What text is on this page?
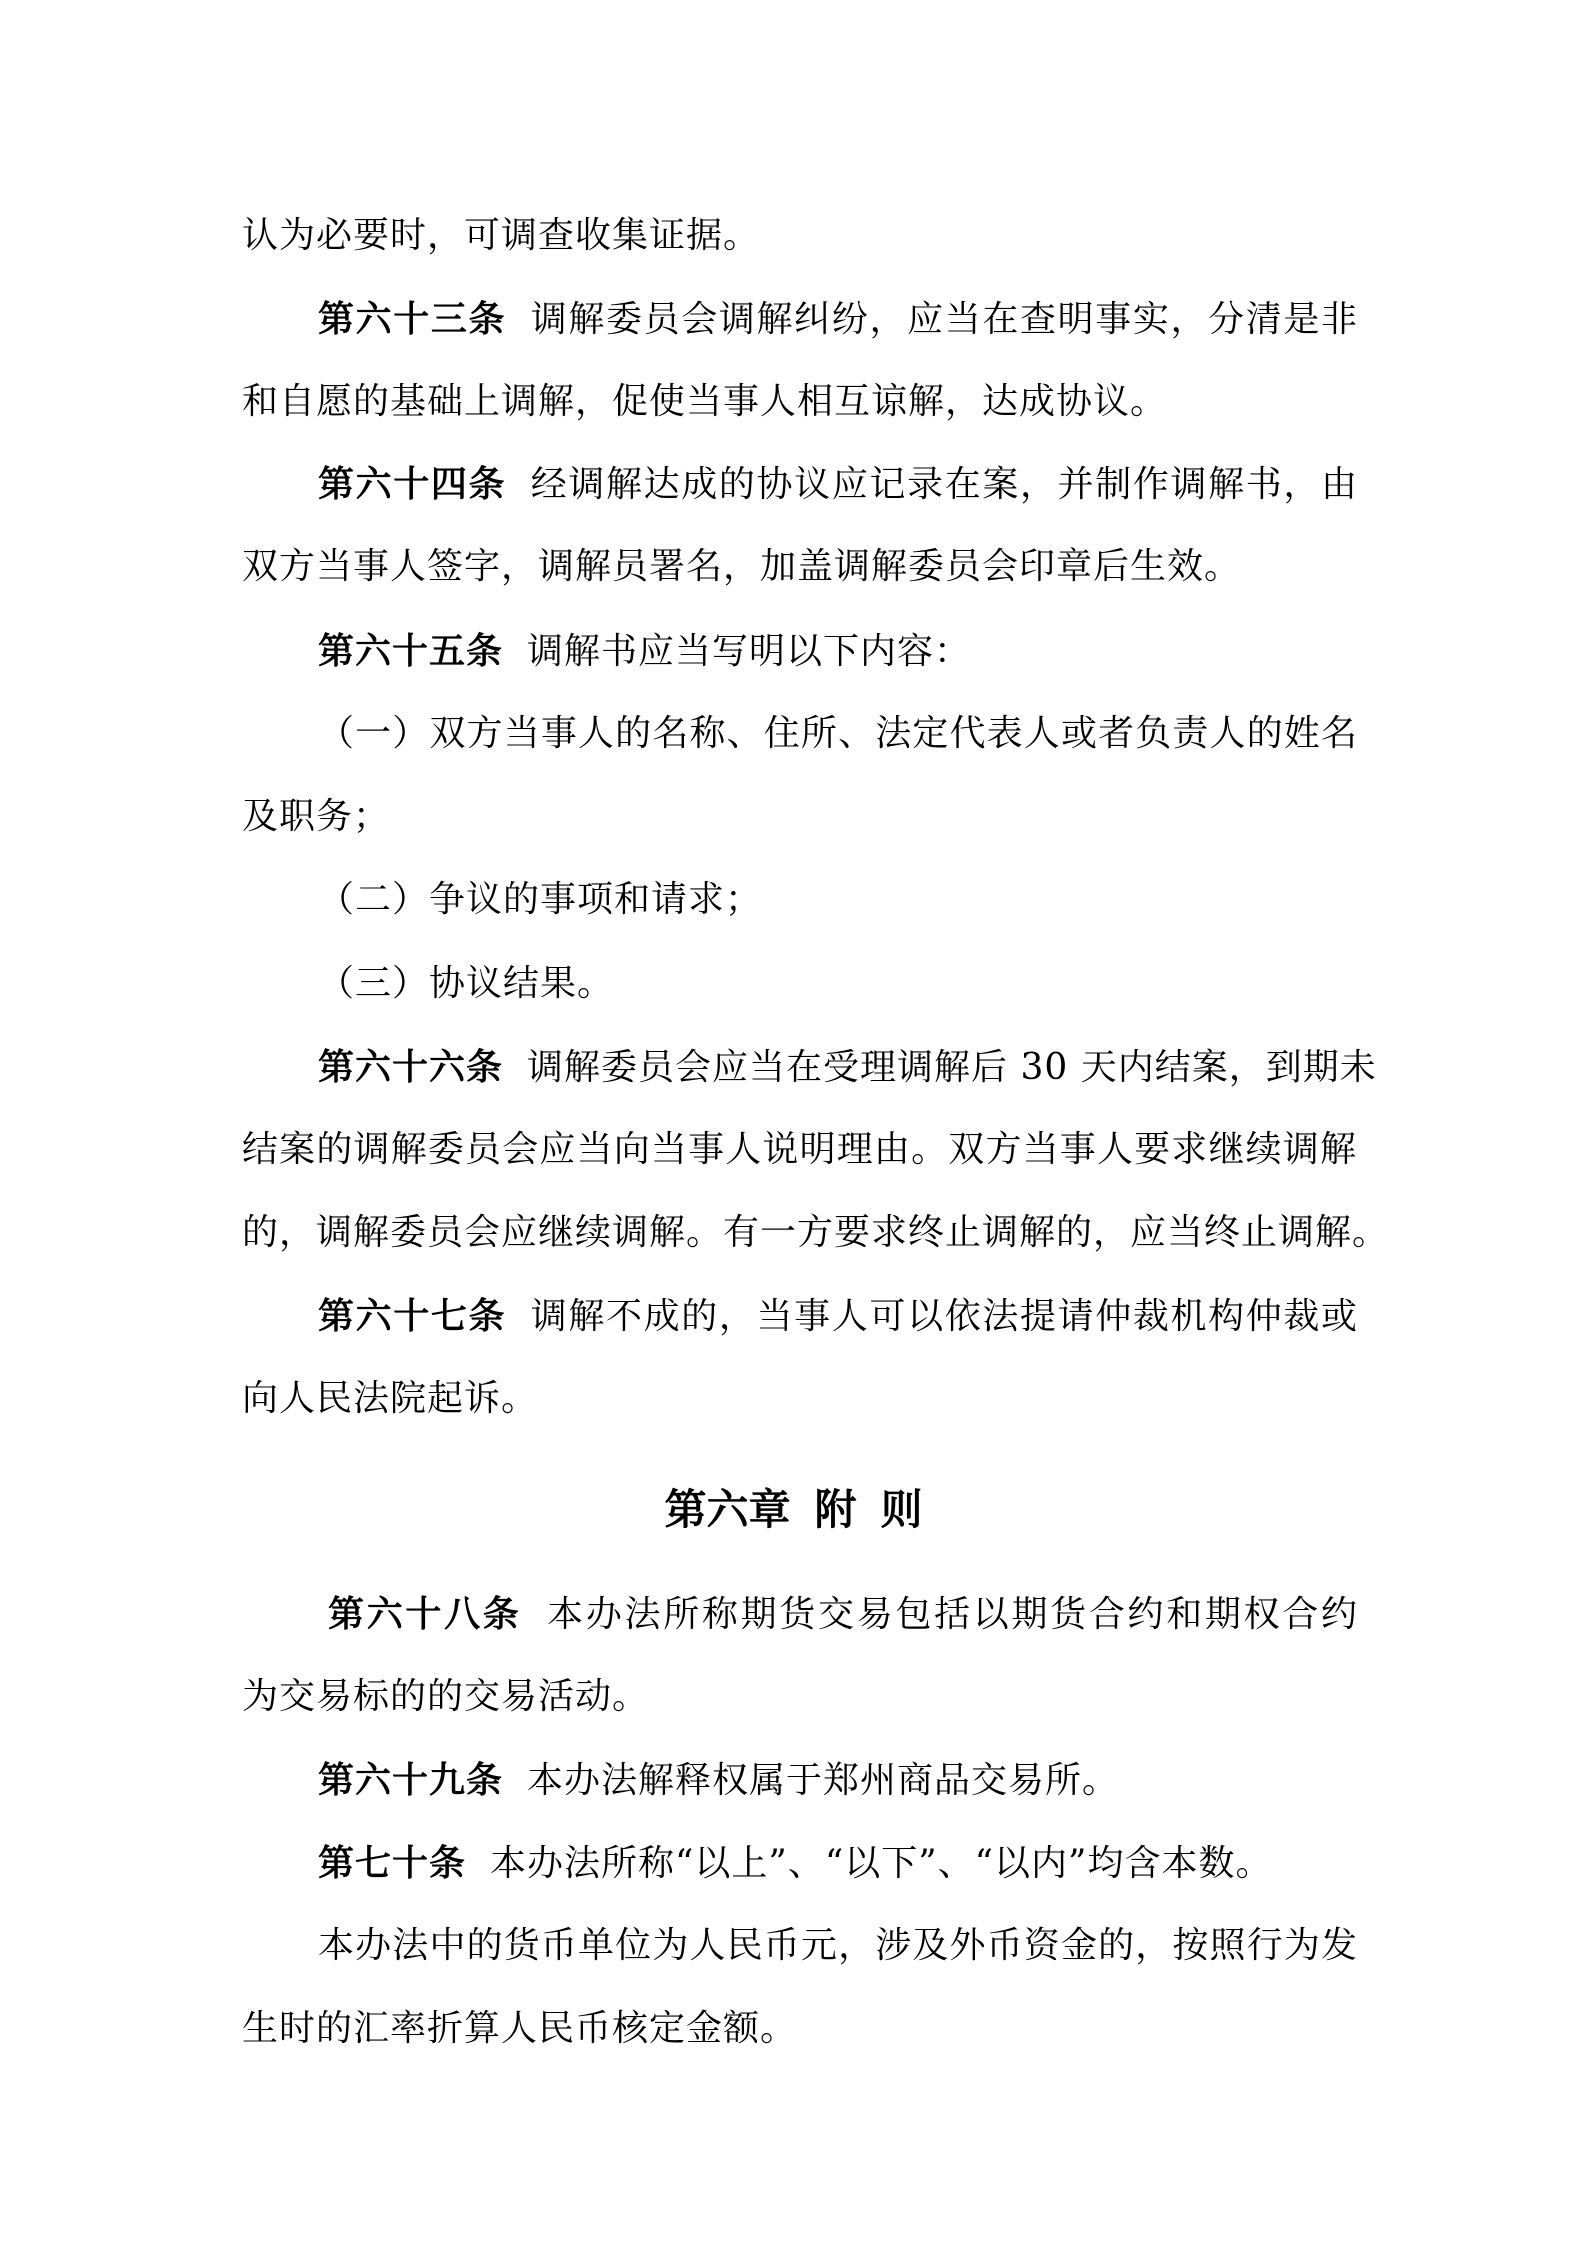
认为必要时，可调查收集证据。
第六十三条 调解委员会调解纠纷，应当在查明事实，分清是非
和自愿的基础上调解，促使当事人相互谅解，达成协议。
第六十四条 经调解达成的协议应记录在案，并制作调解书，由
双方当事人签字，调解员署名，加盖调解委员会印章后生效。
第六十五条 调解书应当写明以下内容：
（一）双方当事人的名称、住所、法定代表人或者负责人的姓名
及职务；
（二）争议的事项和请求；
（三）协议结果。
第六十六条 调解委员会应当在受理调解后 30 天内结案，到期未
结案的调解委员会应当向当事人说明理由。双方当事人要求继续调解
的，调解委员会应继续调解。有一方要求终止调解的，应当终止调解。
第六十七条 调解不成的，当事人可以依法提请仲裁机构仲裁或
向人民法院起诉。
第六章 附 则
第六十八条 本办法所称期货交易包括以期货合约和期权合约
为交易标的的交易活动。
第六十九条 本办法解释权属于郑州商品交易所。
第七十条 本办法所称“以上”、“以下”、“以内”均含本数。
本办法中的货币单位为人民币元，涉及外币资金的，按照行为发
生时的汇率折算人民币核定金额。
